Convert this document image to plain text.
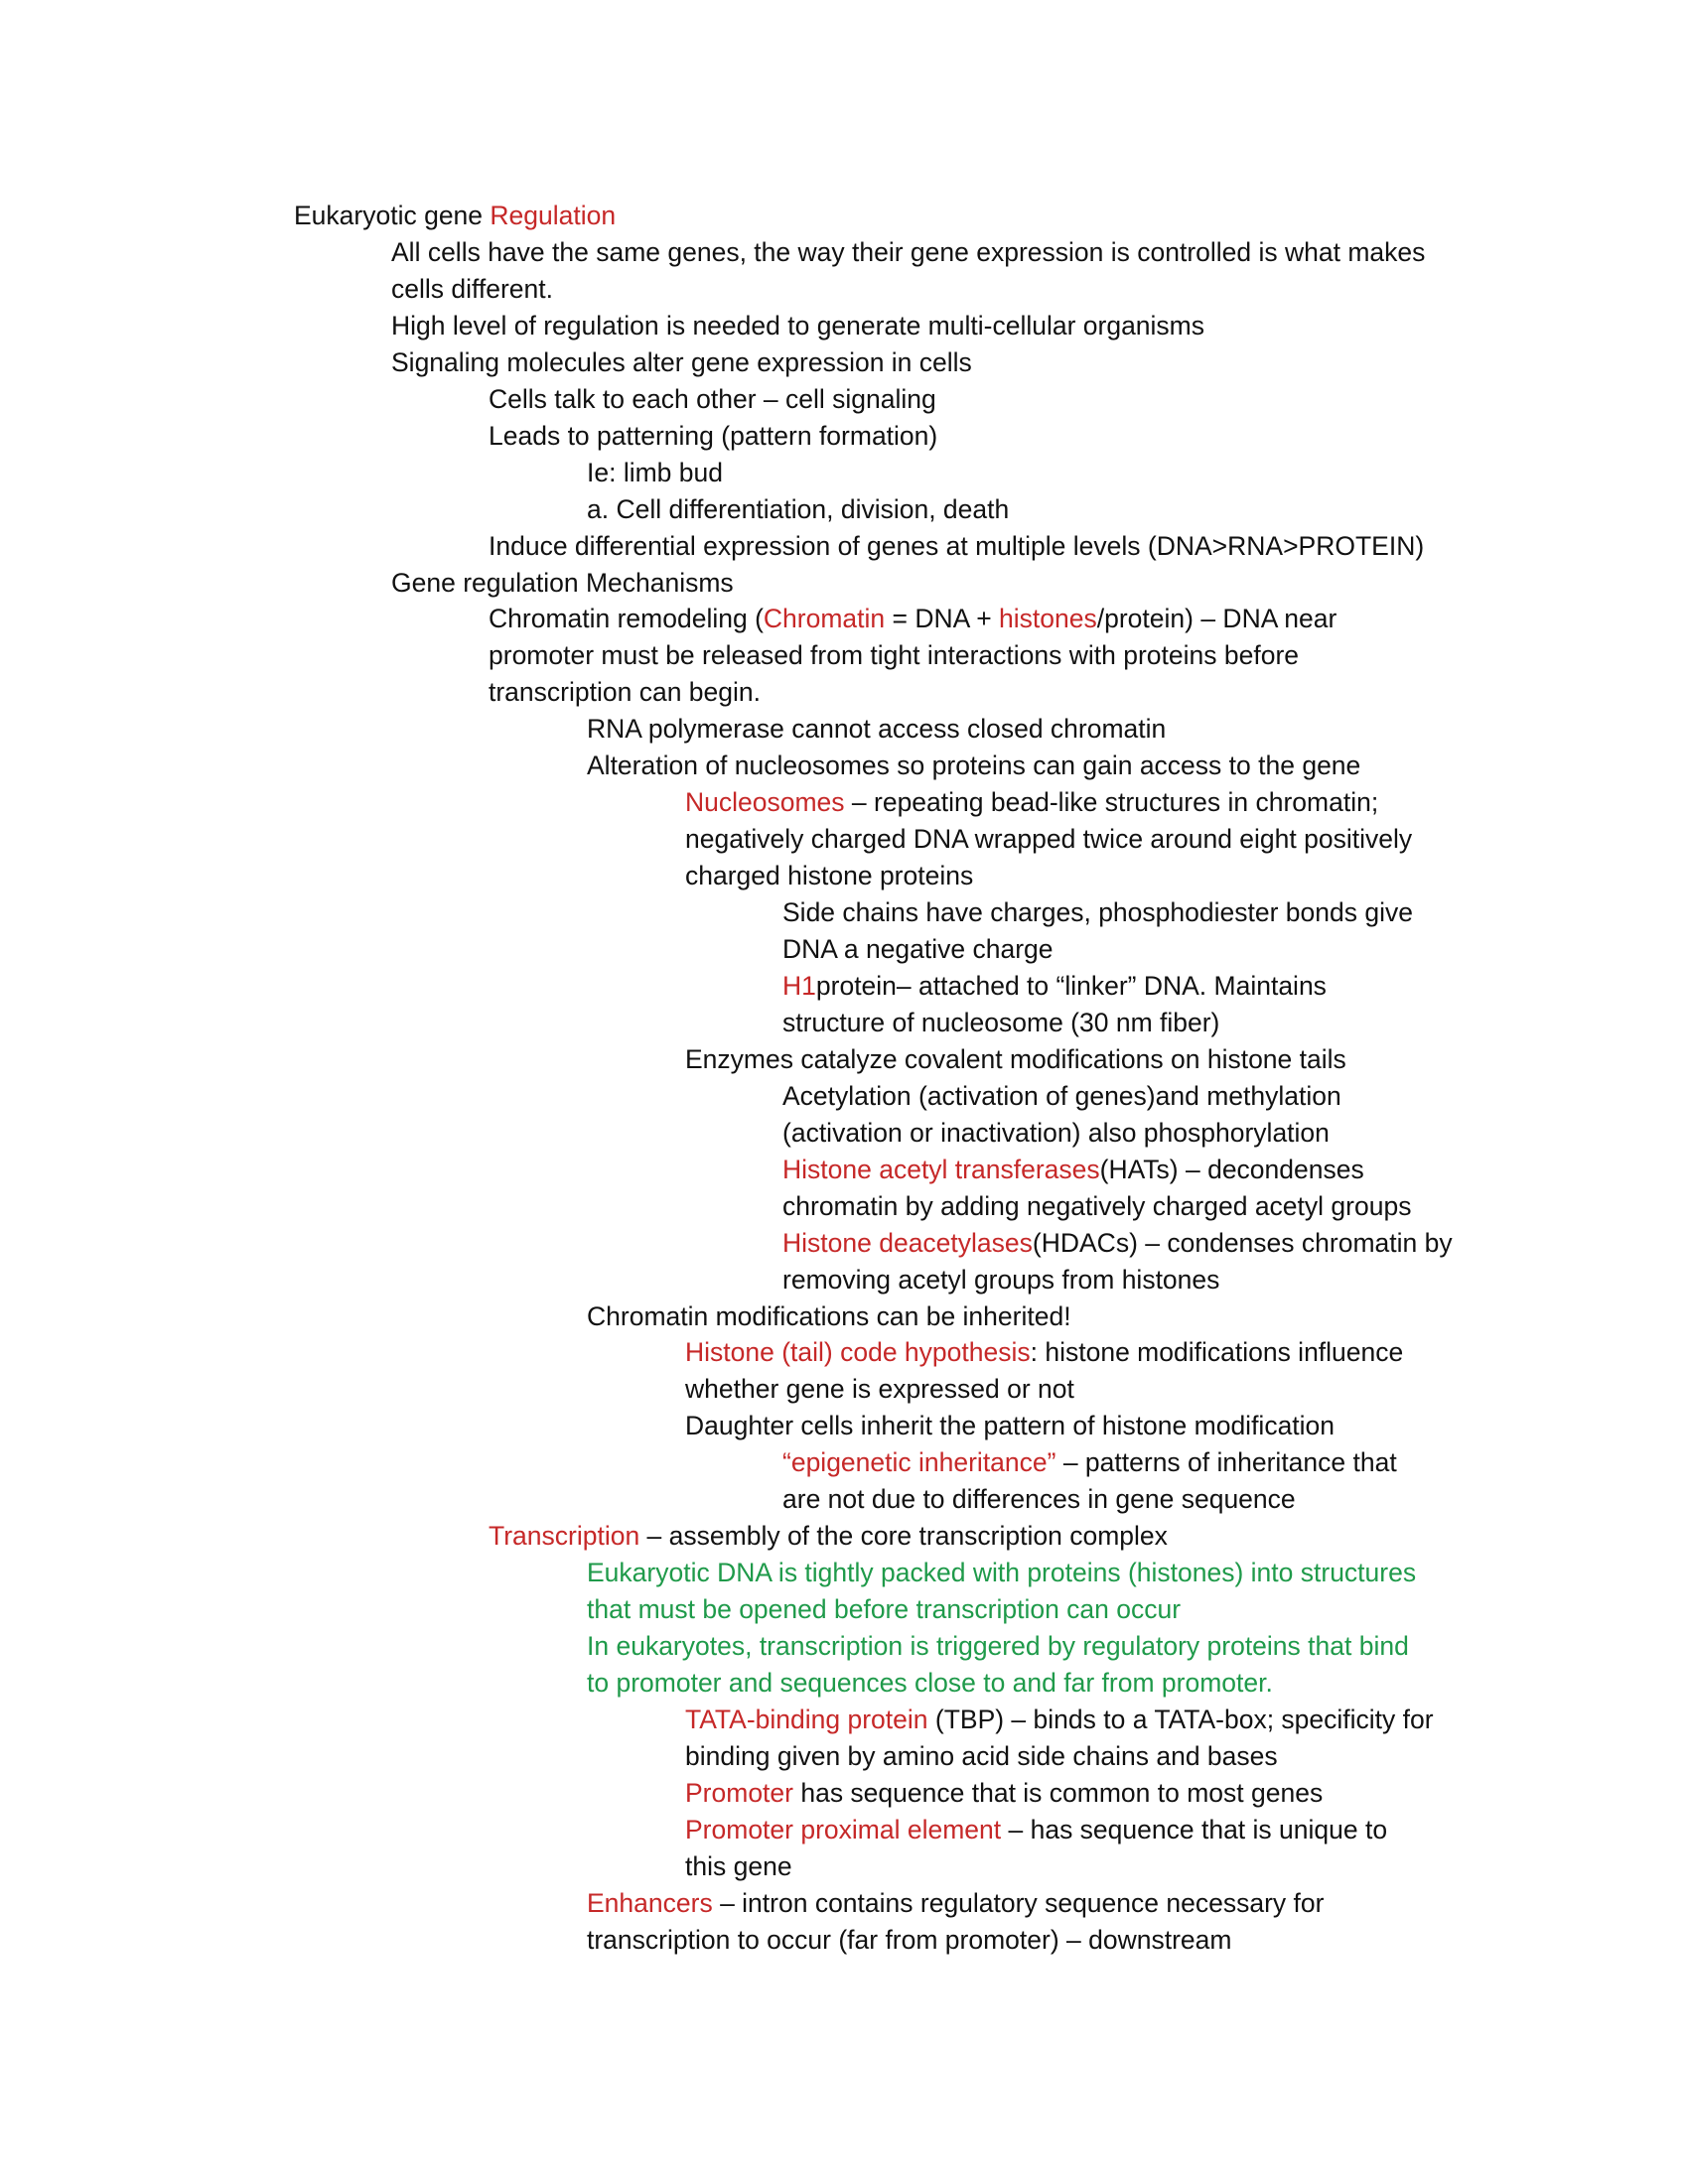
Eukaryotic gene Regulation
All cells have the same genes, the way their gene expression is controlled is what makes
cells different.
High level of regulation is needed to generate multi-cellular organisms
Signaling molecules alter gene expression in cells
Cells talk to each other – cell signaling
Leads to patterning (pattern formation)
Ie: limb bud
a. Cell differentiation, division, death
Induce differential expression of genes at multiple levels (DNA>RNA>PROTEIN)
Gene regulation Mechanisms
Chromatin remodeling (Chromatin = DNA + histones/protein) – DNA near
promoter must be released from tight interactions with proteins before
transcription can begin.
RNA polymerase cannot access closed chromatin
Alteration of nucleosomes so proteins can gain access to the gene
Nucleosomes – repeating bead-like structures in chromatin;
negatively charged DNA wrapped twice around eight positively
charged histone proteins
Side chains have charges, phosphodiester bonds give
DNA a negative charge
H1protein– attached to “linker” DNA. Maintains
structure of nucleosome (30 nm fiber)
Enzymes catalyze covalent modifications on histone tails
Acetylation (activation of genes)and methylation
(activation or inactivation) also phosphorylation
Histone acetyl transferases(HATs) – decondenses
chromatin by adding negatively charged acetyl groups
Histone deacetylases(HDACs) – condenses chromatin by
removing acetyl groups from histones
Chromatin modifications can be inherited!
Histone (tail) code hypothesis: histone modifications influence
whether gene is expressed or not
Daughter cells inherit the pattern of histone modification
“epigenetic inheritance” – patterns of inheritance that
are not due to differences in gene sequence
Transcription – assembly of the core transcription complex
Eukaryotic DNA is tightly packed with proteins (histones) into structures
that must be opened before transcription can occur
In eukaryotes, transcription is triggered by regulatory proteins that bind
to promoter and sequences close to and far from promoter.
TATA-binding protein (TBP) – binds to a TATA-box; specificity for
binding given by amino acid side chains and bases
Promoter has sequence that is common to most genes
Promoter proximal element – has sequence that is unique to
this gene
Enhancers – intron contains regulatory sequence necessary for
transcription to occur (far from promoter) – downstream
